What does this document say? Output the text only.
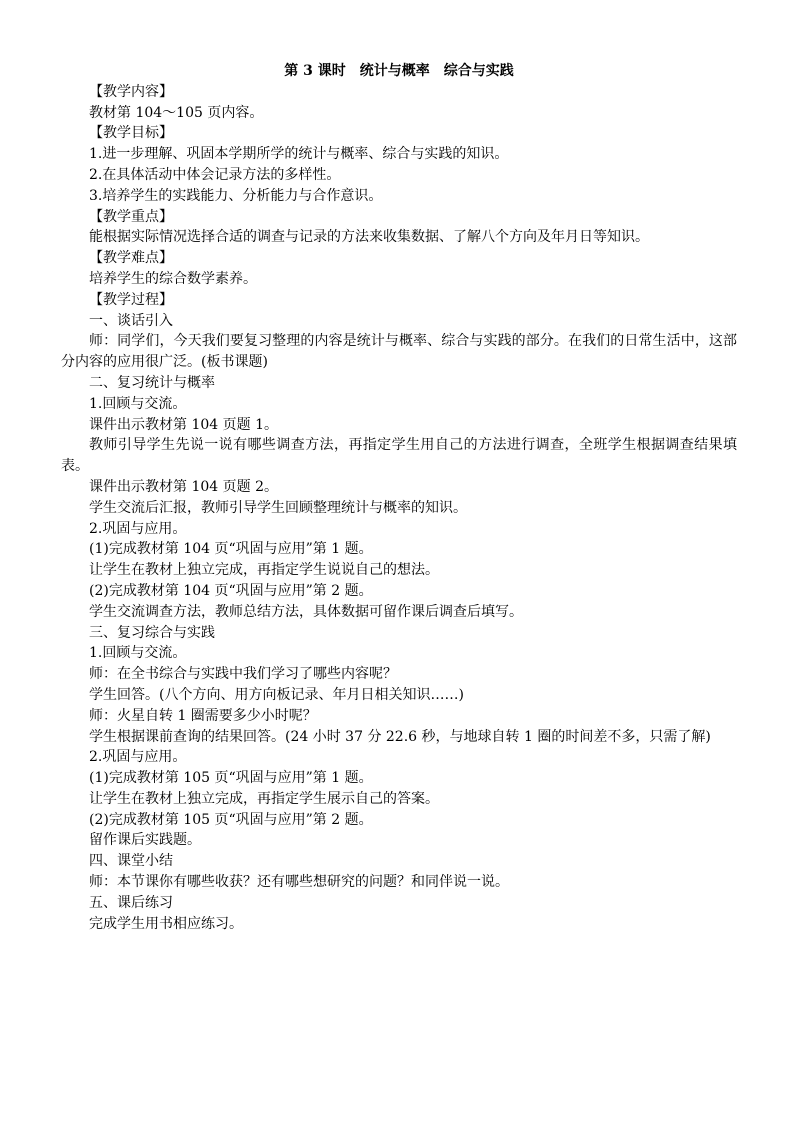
第 3 课时　统计与概率　综合与实践
【教学内容】
教材第 104～105 页内容。
【教学目标】
1.进一步理解、巩固本学期所学的统计与概率、综合与实践的知识。
2.在具体活动中体会记录方法的多样性。
3.培养学生的实践能力、分析能力与合作意识。
【教学重点】
能根据实际情况选择合适的调查与记录的方法来收集数据、了解八个方向及年月日等知识。
【教学难点】
培养学生的综合数学素养。
【教学过程】
一、谈话引入
师：同学们，今天我们要复习整理的内容是统计与概率、综合与实践的部分。在我们的日常生活中，这部分内容的应用很广泛。(板书课题)
二、复习统计与概率
1.回顾与交流。
课件出示教材第 104 页题 1。
教师引导学生先说一说有哪些调查方法，再指定学生用自己的方法进行调查，全班学生根据调查结果填表。
课件出示教材第 104 页题 2。
学生交流后汇报，教师引导学生回顾整理统计与概率的知识。
2.巩固与应用。
(1)完成教材第 104 页“巩固与应用”第 1 题。
让学生在教材上独立完成，再指定学生说说自己的想法。
(2)完成教材第 104 页“巩固与应用”第 2 题。
学生交流调查方法，教师总结方法，具体数据可留作课后调查后填写。
三、复习综合与实践
1.回顾与交流。
师：在全书综合与实践中我们学习了哪些内容呢？
学生回答。(八个方向、用方向板记录、年月日相关知识……)
师：火星自转 1 圈需要多少小时呢？
学生根据课前查询的结果回答。(24 小时 37 分 22.6 秒，与地球自转 1 圈的时间差不多，只需了解)
2.巩固与应用。
(1)完成教材第 105 页“巩固与应用”第 1 题。
让学生在教材上独立完成，再指定学生展示自己的答案。
(2)完成教材第 105 页“巩固与应用”第 2 题。
留作课后实践题。
四、课堂小结
师：本节课你有哪些收获？还有哪些想研究的问题？和同伴说一说。
五、课后练习
完成学生用书相应练习。
